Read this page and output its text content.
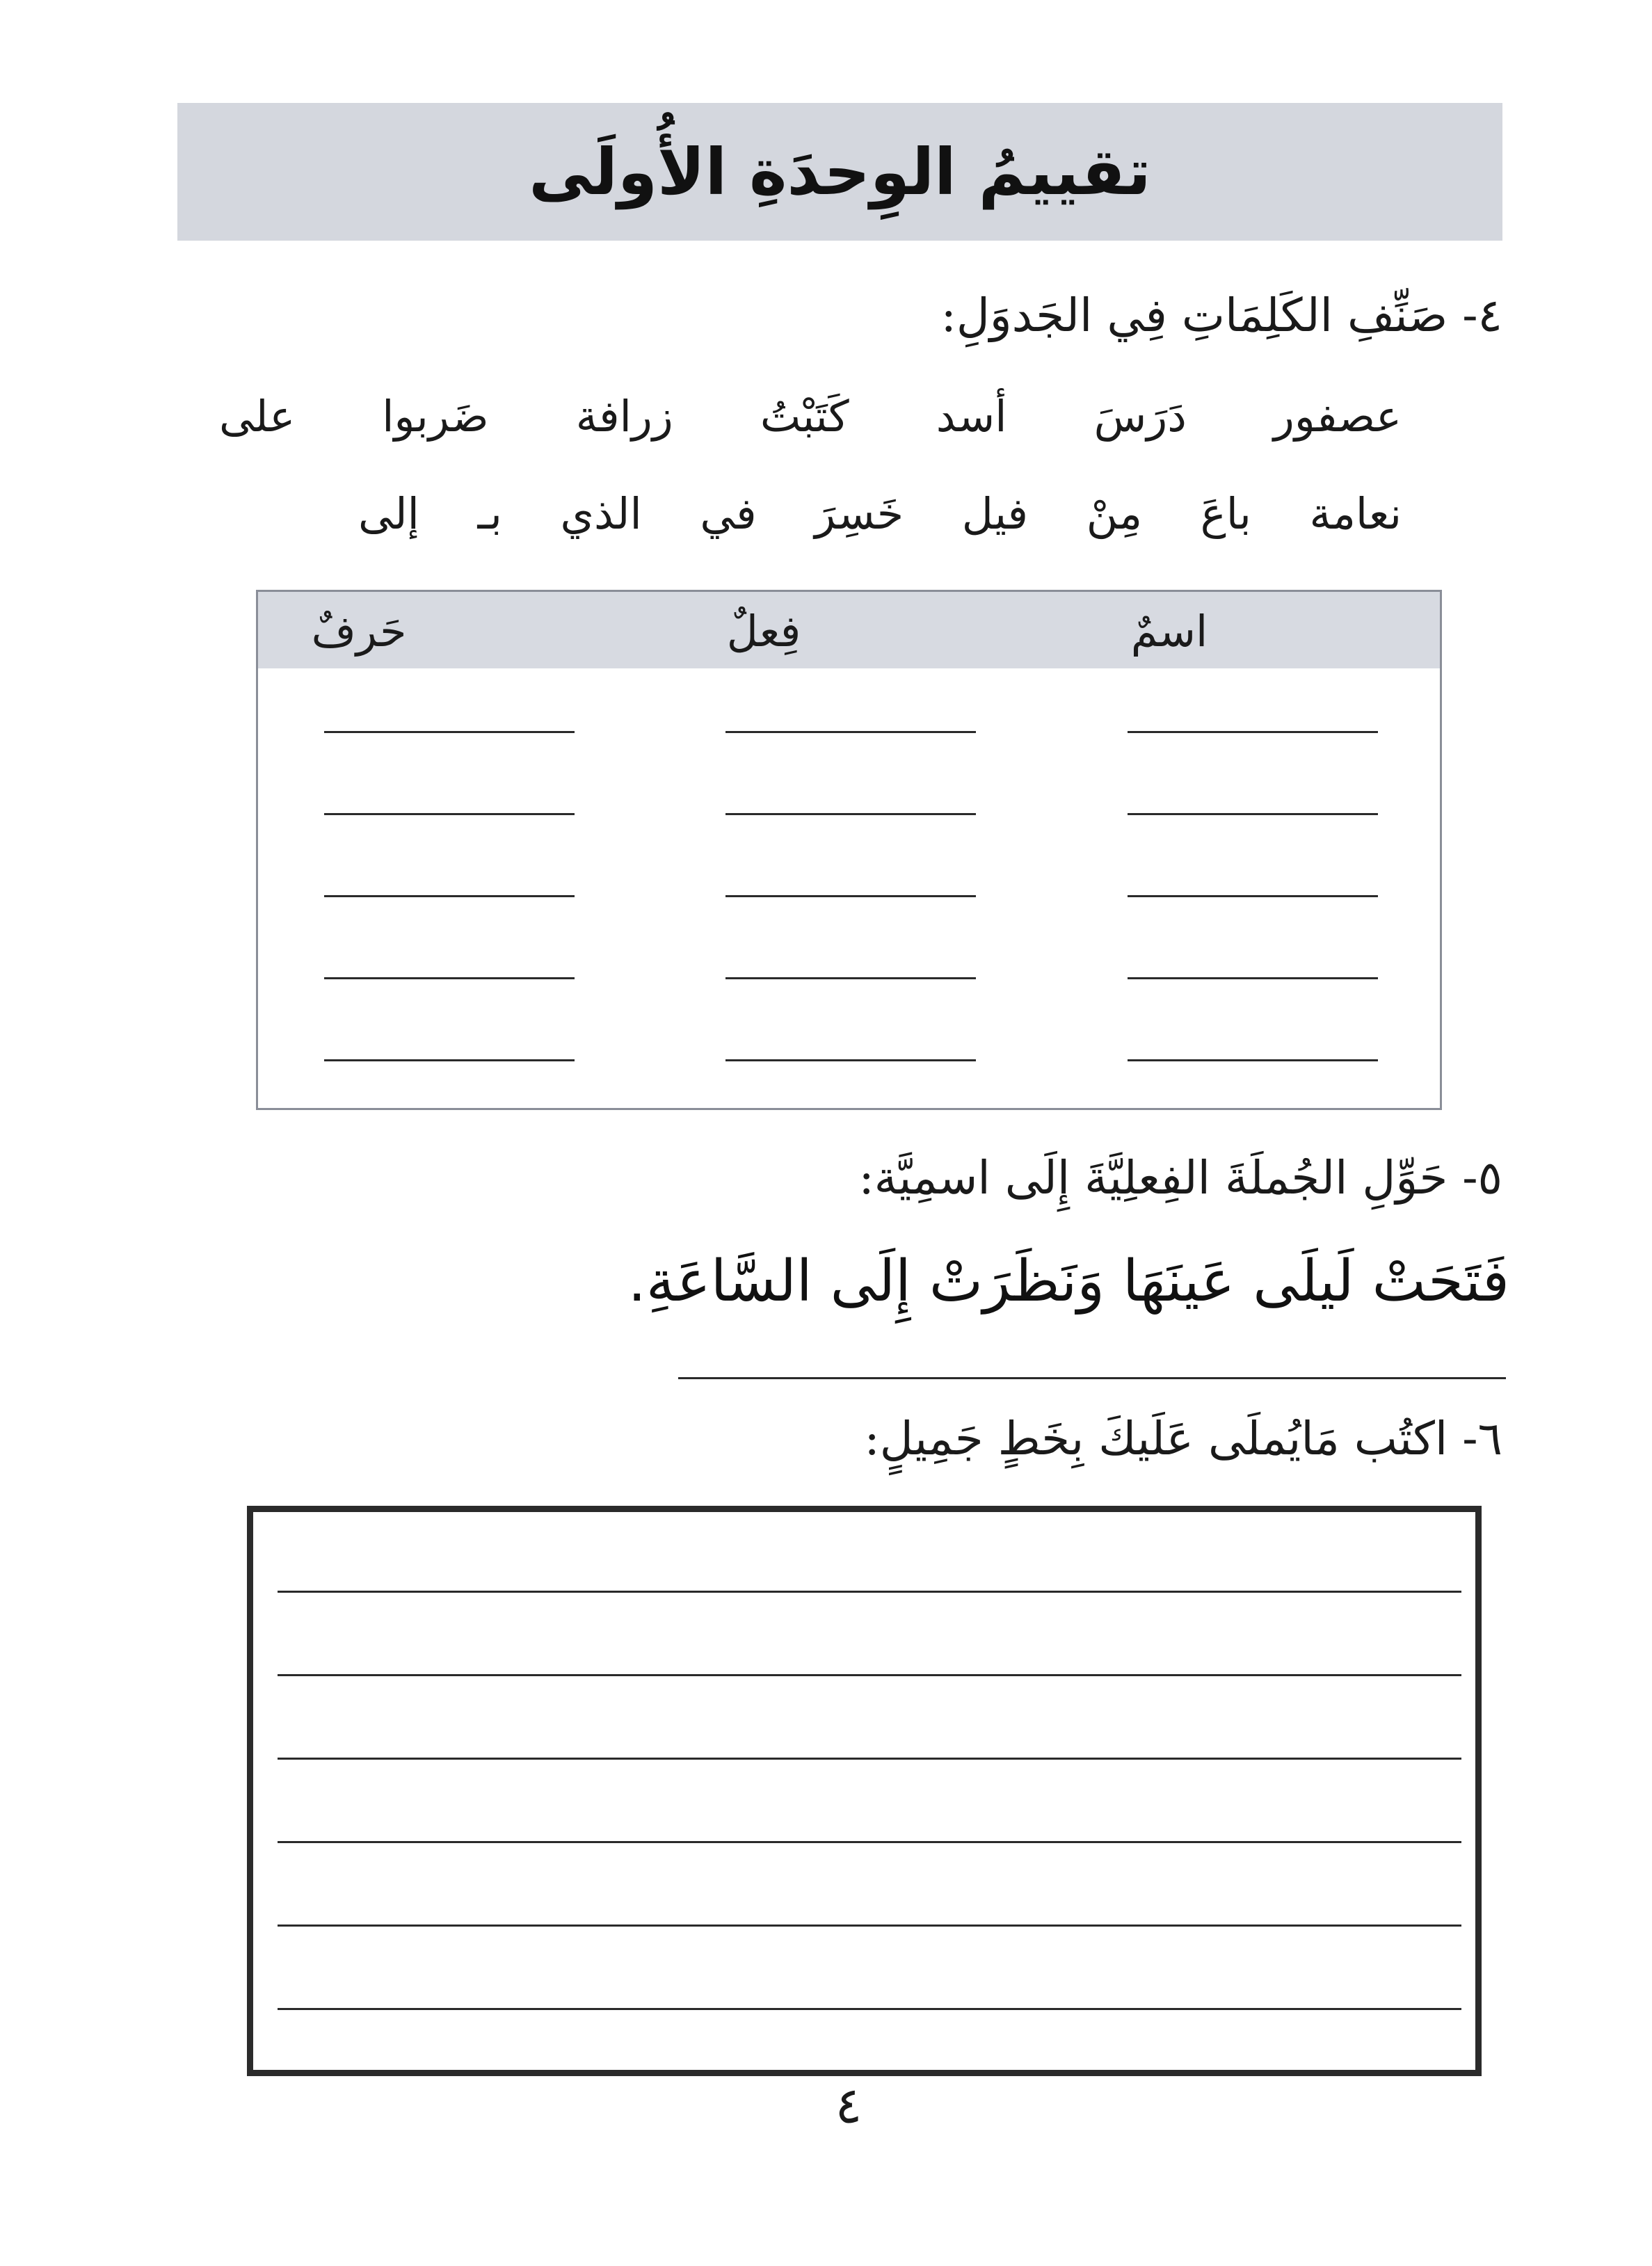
تقييمُ الوِحدَةِ الأُولَى
٤- صَنِّفِ الكَلِمَاتِ فِي الجَدوَلِ:
عصفور
دَرَسَ
أسد
كَتَبْتُ
زرافة
ضَربوا
على
نعامة
باعَ
مِنْ
فيل
خَسِرَ
في
الذي
بـ
إلى
اسمٌ
فِعلٌ
حَرفٌ
٥- حَوِّلِ الجُملَةَ الفِعلِيَّةَ إِلَى اسمِيَّة:
فَتَحَتْ لَيلَى عَينَهَا وَنَظَرَتْ إِلَى السَّاعَةِ.
٦- اكتُب مَايُملَى عَلَيكَ بِخَطٍ جَمِيلٍ:
٤
